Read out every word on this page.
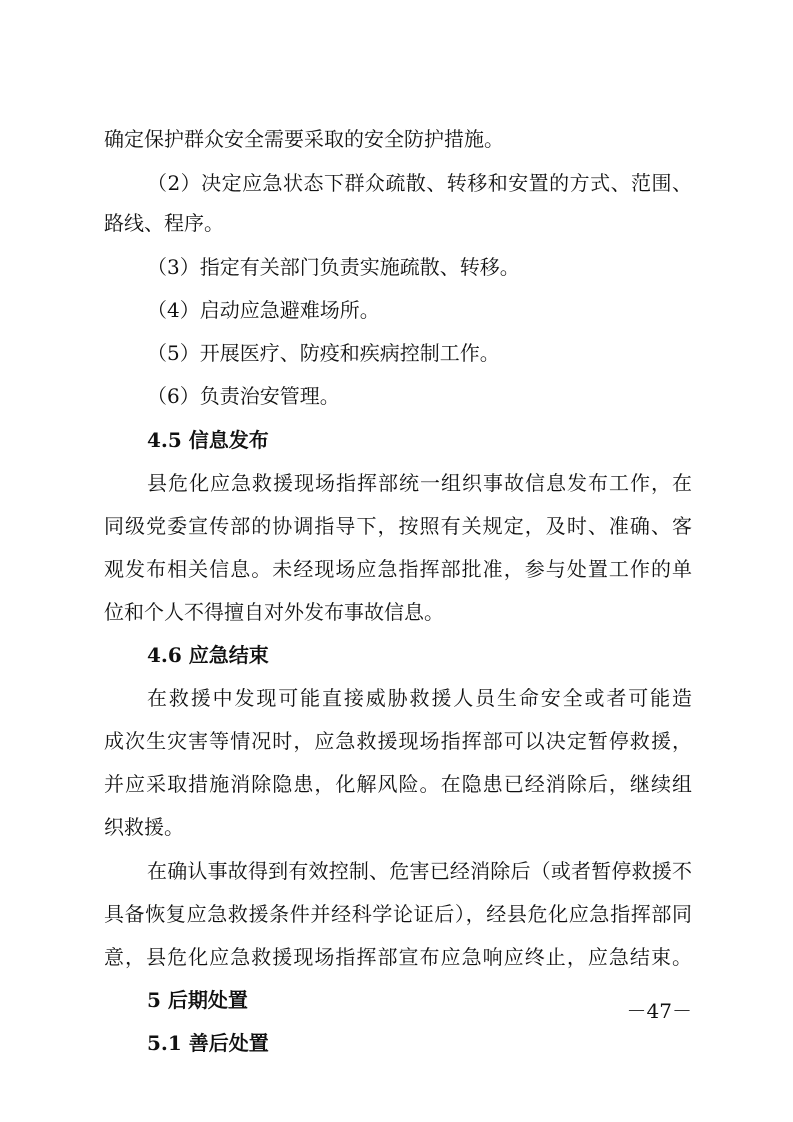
确定保护群众安全需要采取的安全防护措施。
（2）决定应急状态下群众疏散、转移和安置的方式、范围、
路线、程序。
（3）指定有关部门负责实施疏散、转移。
（4）启动应急避难场所。
（5）开展医疗、防疫和疾病控制工作。
（6）负责治安管理。
4.5 信息发布
县危化应急救援现场指挥部统一组织事故信息发布工作，在
同级党委宣传部的协调指导下，按照有关规定，及时、准确、客
观发布相关信息。未经现场应急指挥部批准，参与处置工作的单
位和个人不得擅自对外发布事故信息。
4.6 应急结束
在救援中发现可能直接威胁救援人员生命安全或者可能造
成次生灾害等情况时，应急救援现场指挥部可以决定暂停救援，
并应采取措施消除隐患，化解风险。在隐患已经消除后，继续组
织救援。
在确认事故得到有效控制、危害已经消除后（或者暂停救援不
具备恢复应急救援条件并经科学论证后），经县危化应急指挥部同
意，县危化应急救援现场指挥部宣布应急响应终止，应急结束。
5 后期处置
5.1 善后处置
－47－
